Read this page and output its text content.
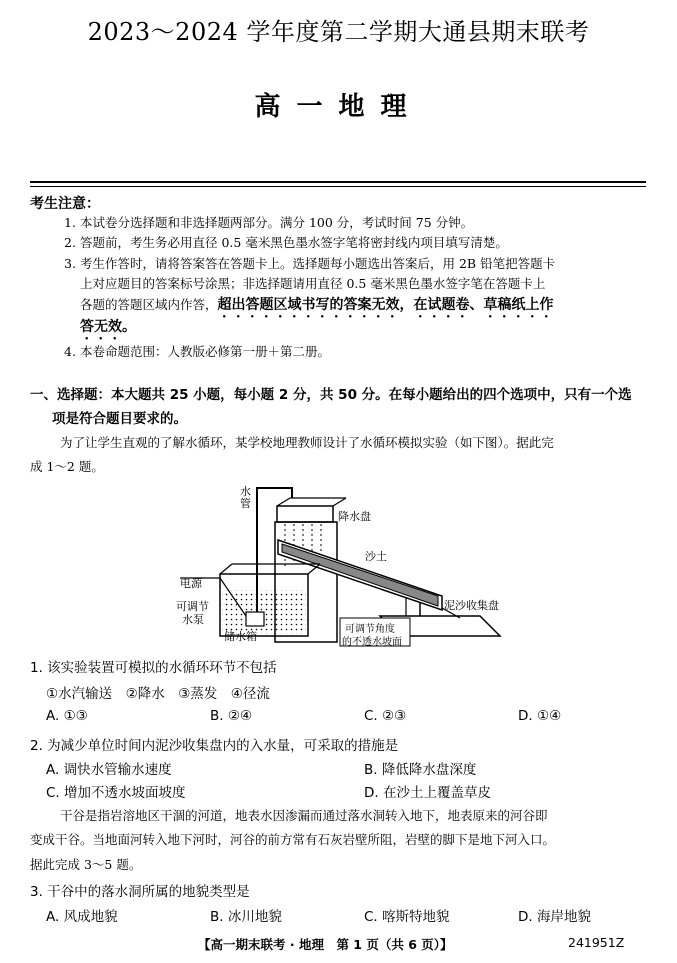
2023～2024 学年度第二学期大通县期末联考
高一地理
考生注意：
1. 本试卷分选择题和非选择题两部分。满分 100 分，考试时间 75 分钟。
2. 答题前，考生务必用直径 0.5 毫米黑色墨水签字笔将密封线内项目填写清楚。
3. 考生作答时，请将答案答在答题卡上。选择题每小题选出答案后，用 2B 铅笔把答题卡
上对应题目的答案标号涂黑；非选择题请用直径 0.5 毫米黑色墨水签字笔在答题卡上
各题的答题区域内作答，超出答题区域书写的答案无效，在试题卷、草稿纸上作
答无效。
4. 本卷命题范围：人教版必修第一册＋第二册。
一、选择题：本大题共 25 小题，每小题 2 分，共 50 分。在每小题给出的四个选项中，只有一个选
项是符合题目要求的。
为了让学生直观的了解水循环，某学校地理教师设计了水循环模拟实验（如下图）。据此完
成 1～2 题。
水管
降水盘
沙土
电源
可调节
水泵
储水箱
泥沙收集盘
可调节角度
的不透水坡面
1. 该实验装置可模拟的水循环环节不包括
①水汽输送　②降水　③蒸发　④径流
A. ①③	B. ②④	C. ②③	D. ①④
2. 为减少单位时间内泥沙收集盘内的入水量，可采取的措施是
A. 调快水管输水速度	B. 降低降水盘深度
C. 增加不透水坡面坡度	D. 在沙土上覆盖草皮
干谷是指岩溶地区干涸的河道，地表水因渗漏而通过落水洞转入地下，地表原来的河谷即
变成干谷。当地面河转入地下河时，河谷的前方常有石灰岩壁所阻，岩壁的脚下是地下河入口。
据此完成 3～5 题。
3. 干谷中的落水洞所属的地貌类型是
A. 风成地貌	B. 冰川地貌	C. 喀斯特地貌	D. 海岸地貌
【高一期末联考 · 地理　第 1 页（共 6 页）】	241951Z
